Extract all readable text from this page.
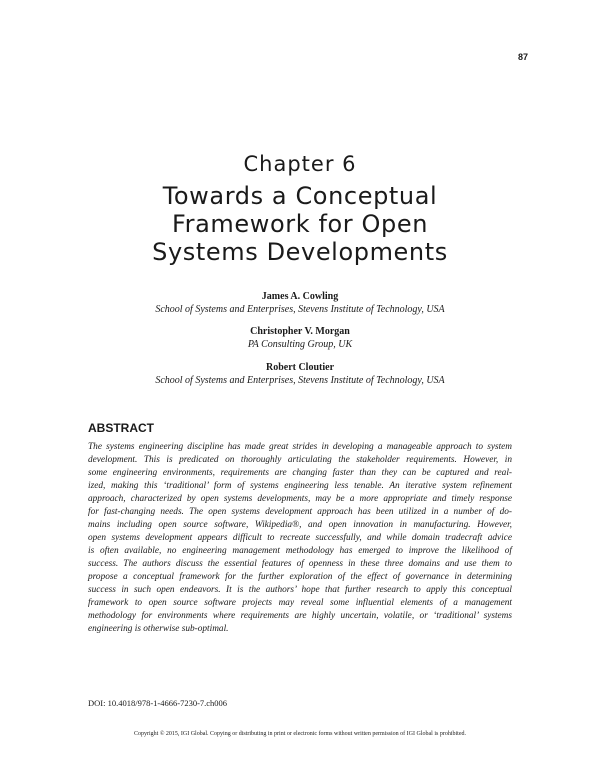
87
Chapter 6
Towards a Conceptual
Framework for Open
Systems Developments
James A. Cowling
School of Systems and Enterprises, Stevens Institute of Technology, USA
Christopher V. Morgan
PA Consulting Group, UK
Robert Cloutier
School of Systems and Enterprises, Stevens Institute of Technology, USA
ABSTRACT
The systems engineering discipline has made great strides in developing a manageable approach to system
development. This is predicated on thoroughly articulating the stakeholder requirements. However, in
some engineering environments, requirements are changing faster than they can be captured and real-
ized, making this ‘traditional’ form of systems engineering less tenable. An iterative system refinement
approach, characterized by open systems developments, may be a more appropriate and timely response
for fast-changing needs. The open systems development approach has been utilized in a number of do-
mains including open source software, Wikipedia®, and open innovation in manufacturing. However,
open systems development appears difficult to recreate successfully, and while domain tradecraft advice
is often available, no engineering management methodology has emerged to improve the likelihood of
success. The authors discuss the essential features of openness in these three domains and use them to
propose a conceptual framework for the further exploration of the effect of governance in determining
success in such open endeavors. It is the authors’ hope that further research to apply this conceptual
framework to open source software projects may reveal some influential elements of a management
methodology for environments where requirements are highly uncertain, volatile, or ‘traditional’ systems
engineering is otherwise sub-optimal.
DOI: 10.4018/978-1-4666-7230-7.ch006
Copyright © 2015, IGI Global. Copying or distributing in print or electronic forms without written permission of IGI Global is prohibited.
